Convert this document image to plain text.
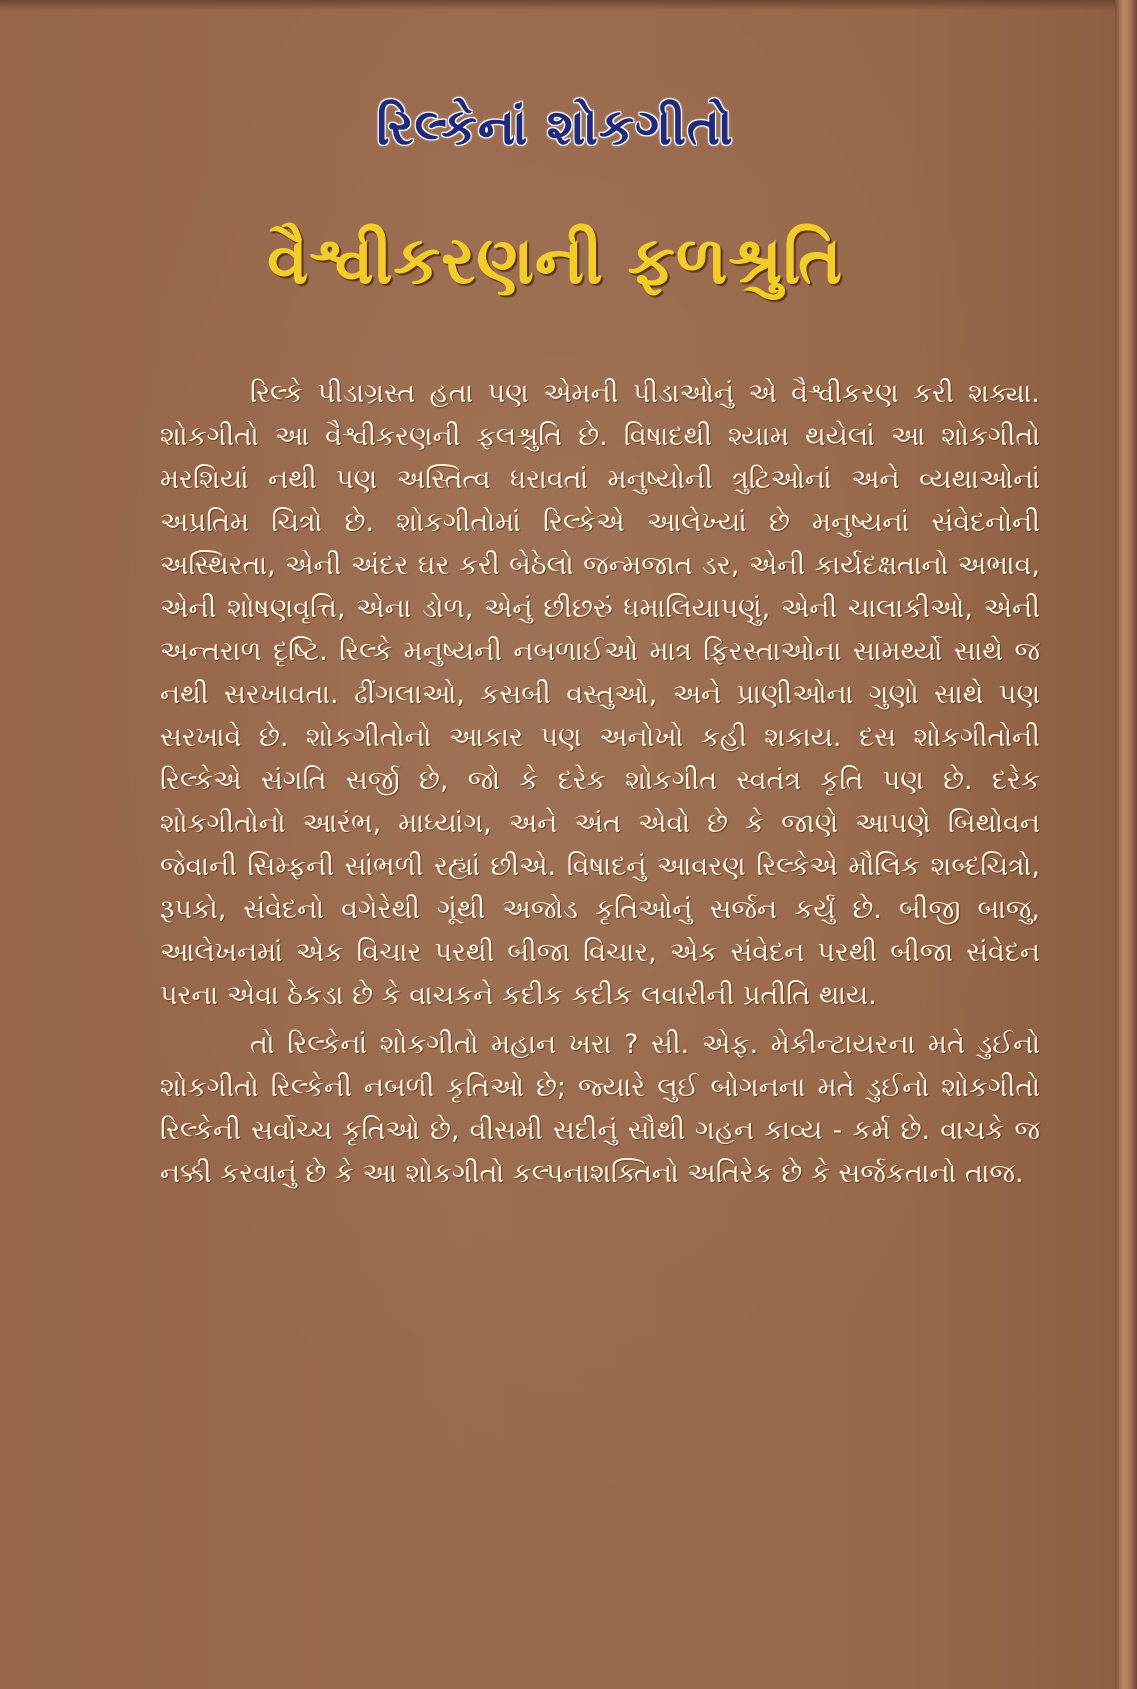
રિલ્કેનાં શોકગીતો
વૈશ્વીકરણની ફળશ્રુતિ

રિલ્કે પીડાગ્રસ્ત હતા પણ એમની પીડાઓનું એ વૈશ્વીકરણ કરી શક્યા. શોકગીતો આ વૈશ્વીકરણની ફલશ્રુતિ છે. વિષાદથી શ્યામ થયેલાં આ શોકગીતો મરશિયાં નથી પણ અસ્તિત્વ ધરાવતાં મનુષ્યોની ત્રુટિઓનાં અને વ્યથાઓનાં અપ્રતિમ ચિત્રો છે. શોકગીતોમાં રિલ્કેએ આલેખ્યાં છે મનુષ્યનાં સંવેદનોની અસ્થિરતા, એની અંદર ઘર કરી બેઠેલો જન્મજાત ડર, એની કાર્યદક્ષતાનો અભાવ, એની શોષણવૃત્તિ, એના ડોળ, એનું છીછરું ધમાલિયાપણું, એની ચાલાકીઓ, એની અન્તરાળ દૃષ્ટિ. રિલ્કે મનુષ્યની નબળાઈઓ માત્ર ફિરસ્તાઓના સામર્થ્યો સાથે જ નથી સરખાવતા. ઢીંગલાઓ, કસબી વસ્તુઓ, અને પ્રાણીઓના ગુણો સાથે પણ સરખાવે છે. શોકગીતોનો આકાર પણ અનોખો કહી શકાય. દસ શોકગીતોની રિલ્કેએ સંગતિ સર્જી છે, જો કે દરેક શોકગીત સ્વતંત્ર કૃતિ પણ છે. દરેક શોકગીતોનો આરંભ, માધ્યાંગ, અને અંત એવો છે કે જાણે આપણે બિથોવન જેવાની સિમ્ફની સાંભળી રહ્યાં છીએ. વિષાદનું આવરણ રિલ્કેએ મૌલિક શબ્દચિત્રો, રૂપકો, સંવેદનો વગેરેથી ગૂંથી અજોડ કૃતિઓનું સર્જન કર્યું છે. બીજી બાજુ, આલેખનમાં એક વિચાર પરથી બીજા વિચાર, એક સંવેદન પરથી બીજા સંવેદન પરના એવા ઠેકડા છે કે વાચકને કદીક કદીક લવારીની પ્રતીતિ થાય.

તો રિલ્કેનાં શોકગીતો મહાન ખરા ? સી. એફ. મેકીન્ટાયરના મતે ડુઈનો શોકગીતો રિલ્કેની નબળી કૃતિઓ છે; જ્યારે લુઈ બોગનના મતે ડુઈનો શોકગીતો રિલ્કેની સર્વોચ્ચ કૃતિઓ છે, વીસમી સદીનું સૌથી ગહન કાવ્ય - કર્મ છે. વાચકે જ નક્કી કરવાનું છે કે આ શોકગીતો કલ્પનાશક્તિનો અતિરેક છે કે સર્જકતાનો તાજ.
